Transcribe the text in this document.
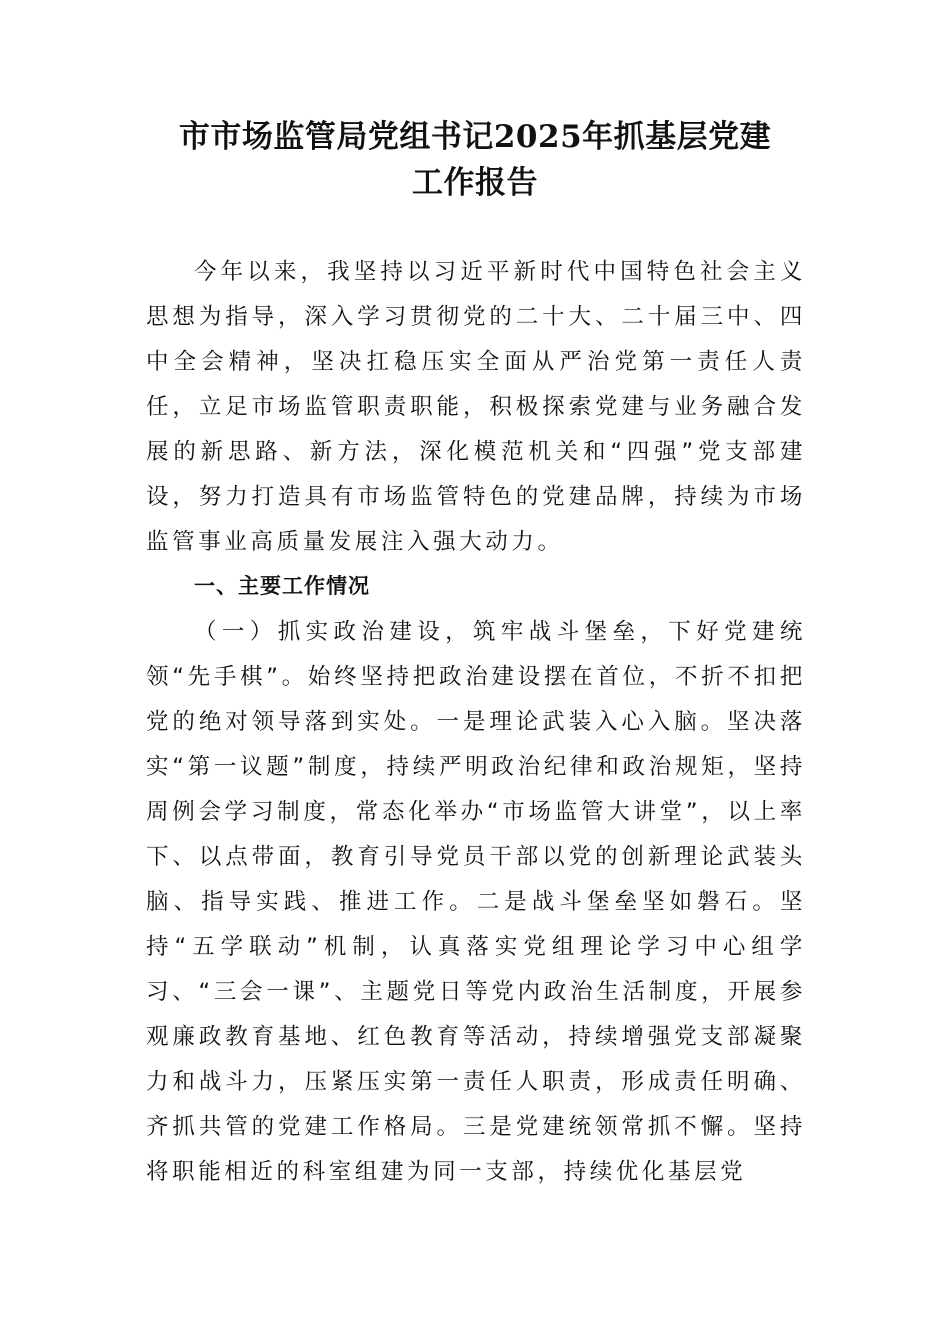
市市场监管局党组书记2025年抓基层党建
工作报告

今年以来，我坚持以习近平新时代中国特色社会主义思想为指导，深入学习贯彻党的二十大、二十届三中、四中全会精神，坚决扛稳压实全面从严治党第一责任人责任，立足市场监管职责职能，积极探索党建与业务融合发展的新思路、新方法，深化模范机关和“四强”党支部建设，努力打造具有市场监管特色的党建品牌，持续为市场监管事业高质量发展注入强大动力。

一、主要工作情况

（一）抓实政治建设，筑牢战斗堡垒，下好党建统领“先手棋”。始终坚持把政治建设摆在首位，不折不扣把党的绝对领导落到实处。一是理论武装入心入脑。坚决落实“第一议题”制度，持续严明政治纪律和政治规矩，坚持周例会学习制度，常态化举办“市场监管大讲堂”，以上率下、以点带面，教育引导党员干部以党的创新理论武装头脑、指导实践、推进工作。二是战斗堡垒坚如磐石。坚持“五学联动”机制，认真落实党组理论学习中心组学习、“三会一课”、主题党日等党内政治生活制度，开展参观廉政教育基地、红色教育等活动，持续增强党支部凝聚力和战斗力，压紧压实第一责任人职责，形成责任明确、齐抓共管的党建工作格局。三是党建统领常抓不懈。坚持将职能相近的科室组建为同一支部，持续优化基层党
